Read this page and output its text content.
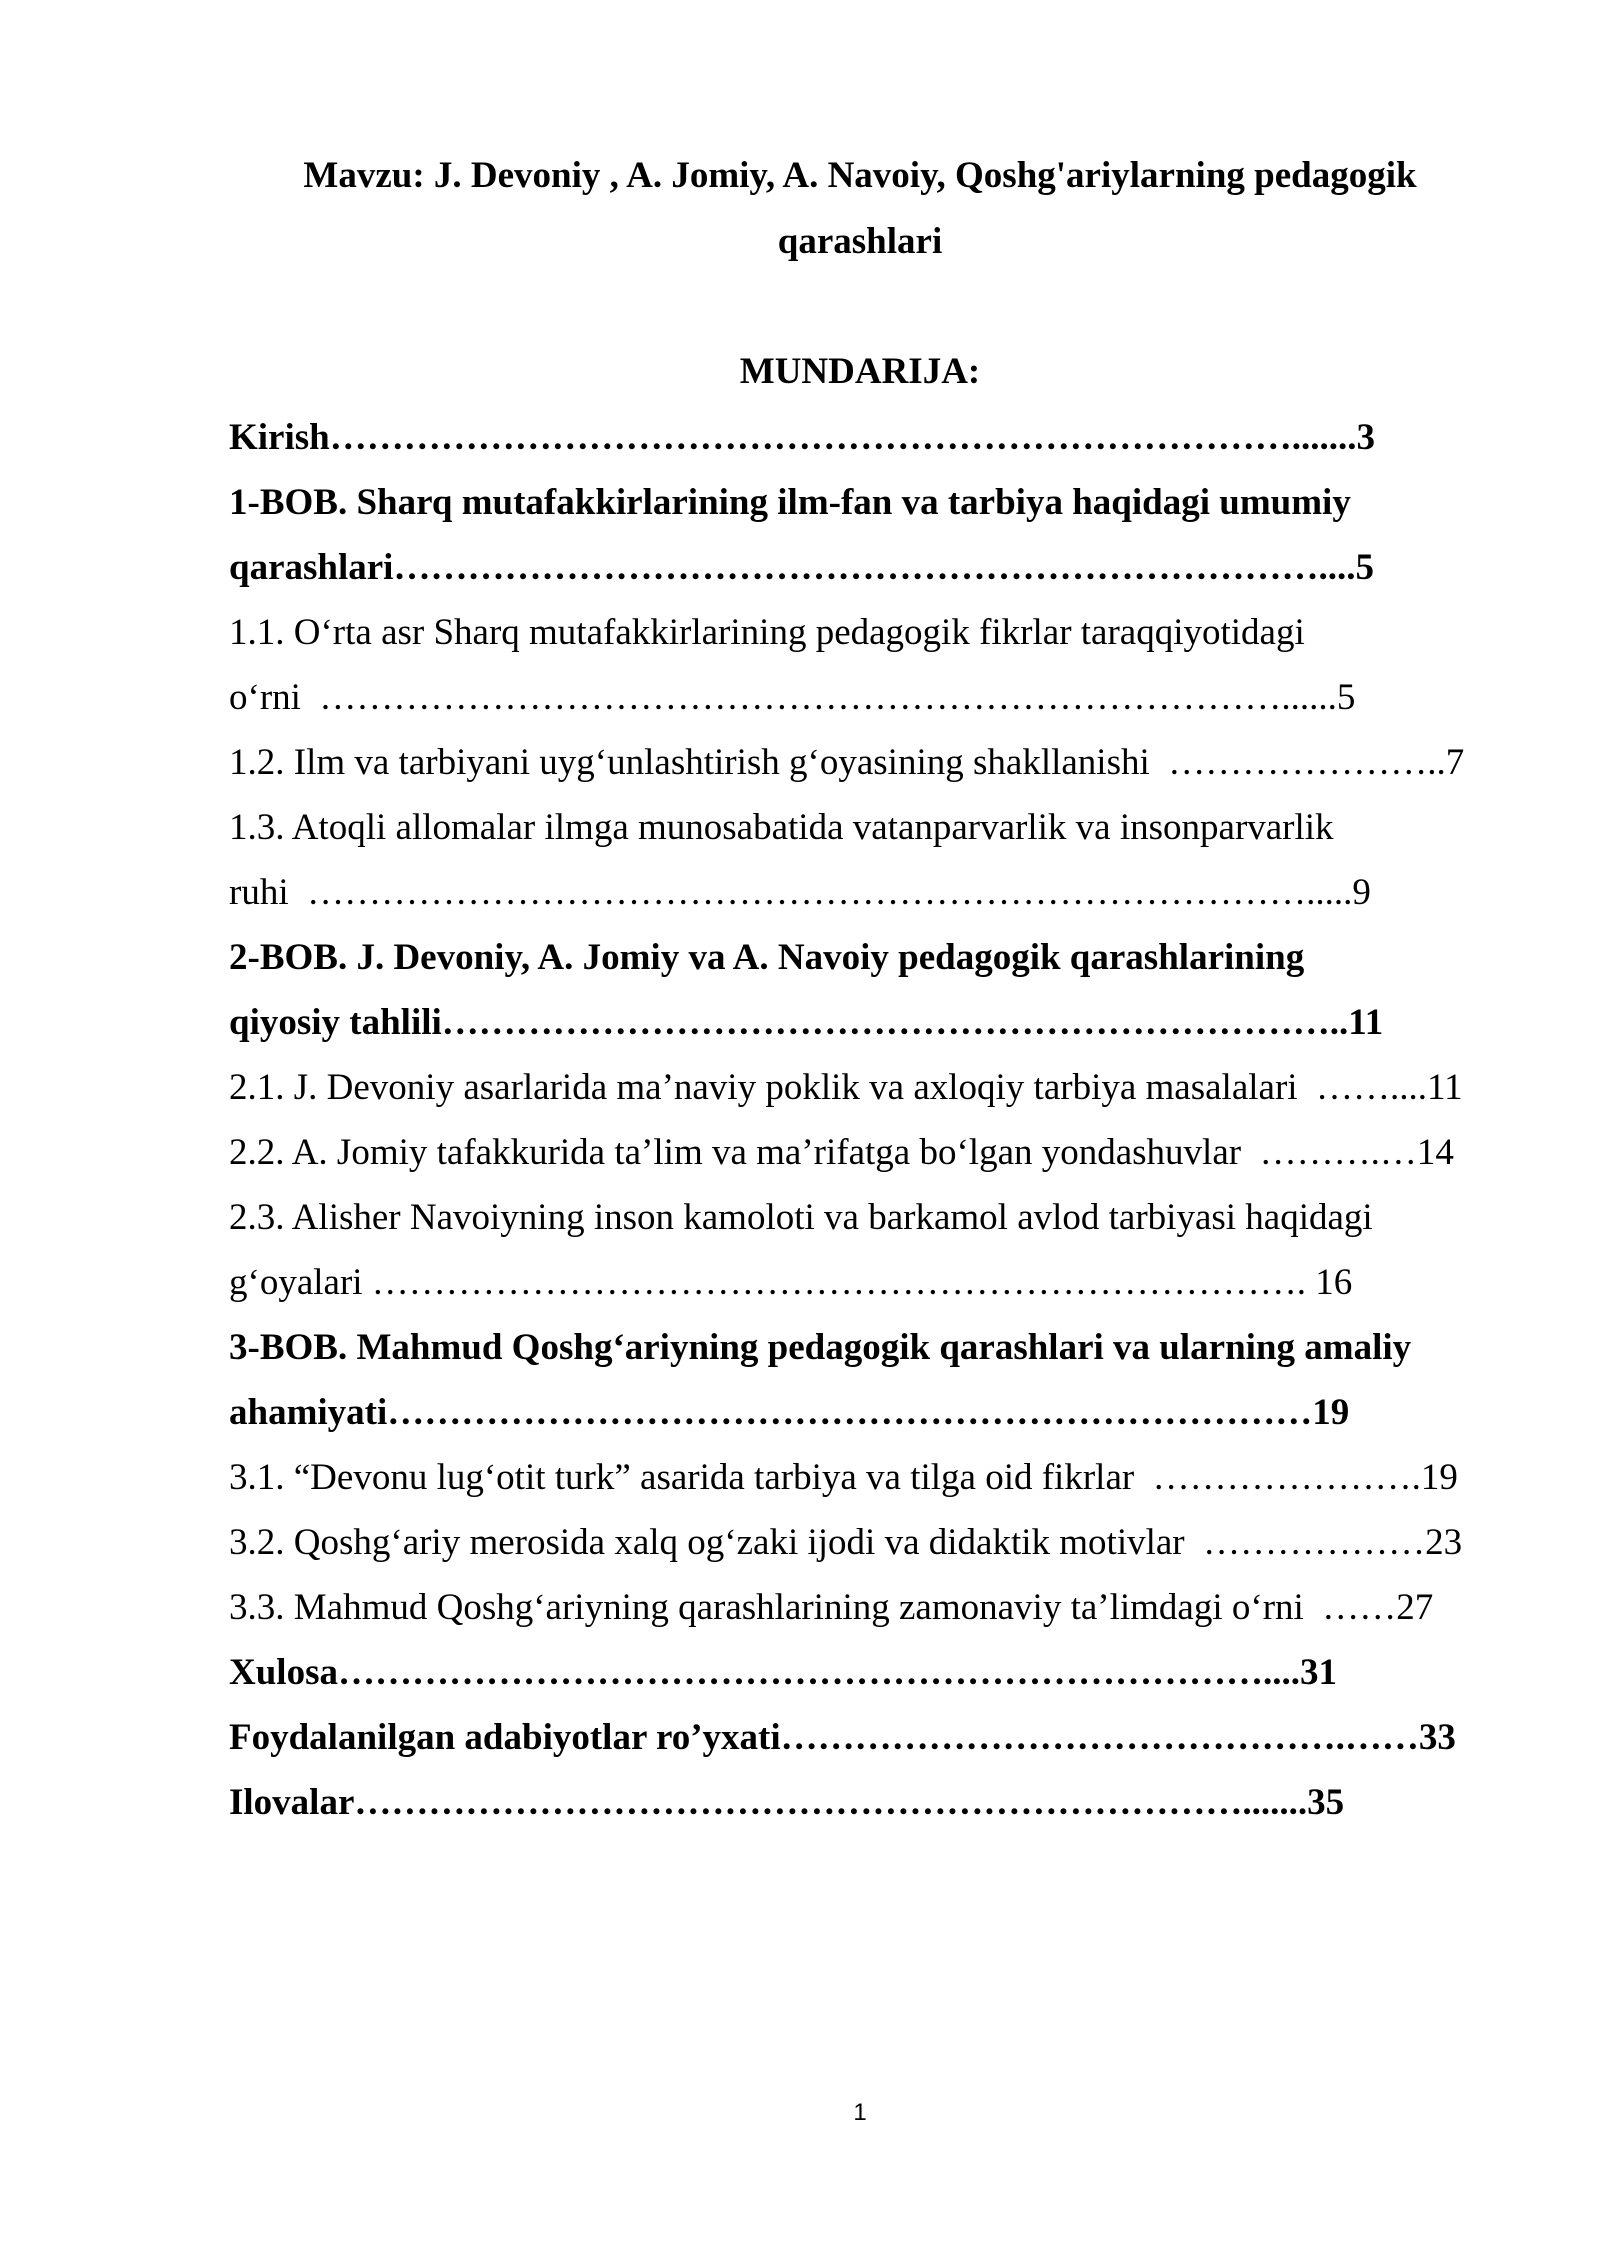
Mavzu: J. Devoniy , A. Jomiy, A. Navoiy, Qoshg'ariylarning pedagogik
qarashlari
MUNDARIJA:
Kirish…………………………………………………………………….......3
1-BOB. Sharq mutafakkirlarining ilm-fan va tarbiya haqidagi umumiy
qarashlari…………………………………………………………………....5
1.1. O‘rta asr Sharq mutafakkirlarining pedagogik fikrlar taraqqiyotidagi
o‘rni  ……………………………………………………………………......5
1.2. Ilm va tarbiyani uyg‘unlashtirish g‘oyasining shakllanishi  …………………..7
1.3. Atoqli allomalar ilmga munosabatida vatanparvarlik va insonparvarlik
ruhi  ……………………………………………………………………….....9
2-BOB. J. Devoniy, A. Jomiy va A. Navoiy pedagogik qarashlarining
qiyosiy tahlili………………………………………………………………..11
2.1. J. Devoniy asarlarida ma’naviy poklik va axloqiy tarbiya masalalari  ……....11
2.2. A. Jomiy tafakkurida ta’lim va ma’rifatga bo‘lgan yondashuvlar  ……….…14
2.3. Alisher Navoiyning inson kamoloti va barkamol avlod tarbiyasi haqidagi
g‘oyalari …………………………………………………………………. 16
3-BOB. Mahmud Qoshg‘ariyning pedagogik qarashlari va ularning amaliy
ahamiyati…………………………………………………………………19
3.1. “Devonu lug‘otit turk” asarida tarbiya va tilga oid fikrlar  ………………….19
3.2. Qoshg‘ariy merosida xalq og‘zaki ijodi va didaktik motivlar  ………………23
3.3. Mahmud Qoshg‘ariyning qarashlarining zamonaviy ta’limdagi o‘rni  ……27
Xulosa…………………………………………………………………....31
Foydalanilgan adabiyotlar ro’yxati……………………………………….……33
Ilovalar……………………………………………………………….......35
1
